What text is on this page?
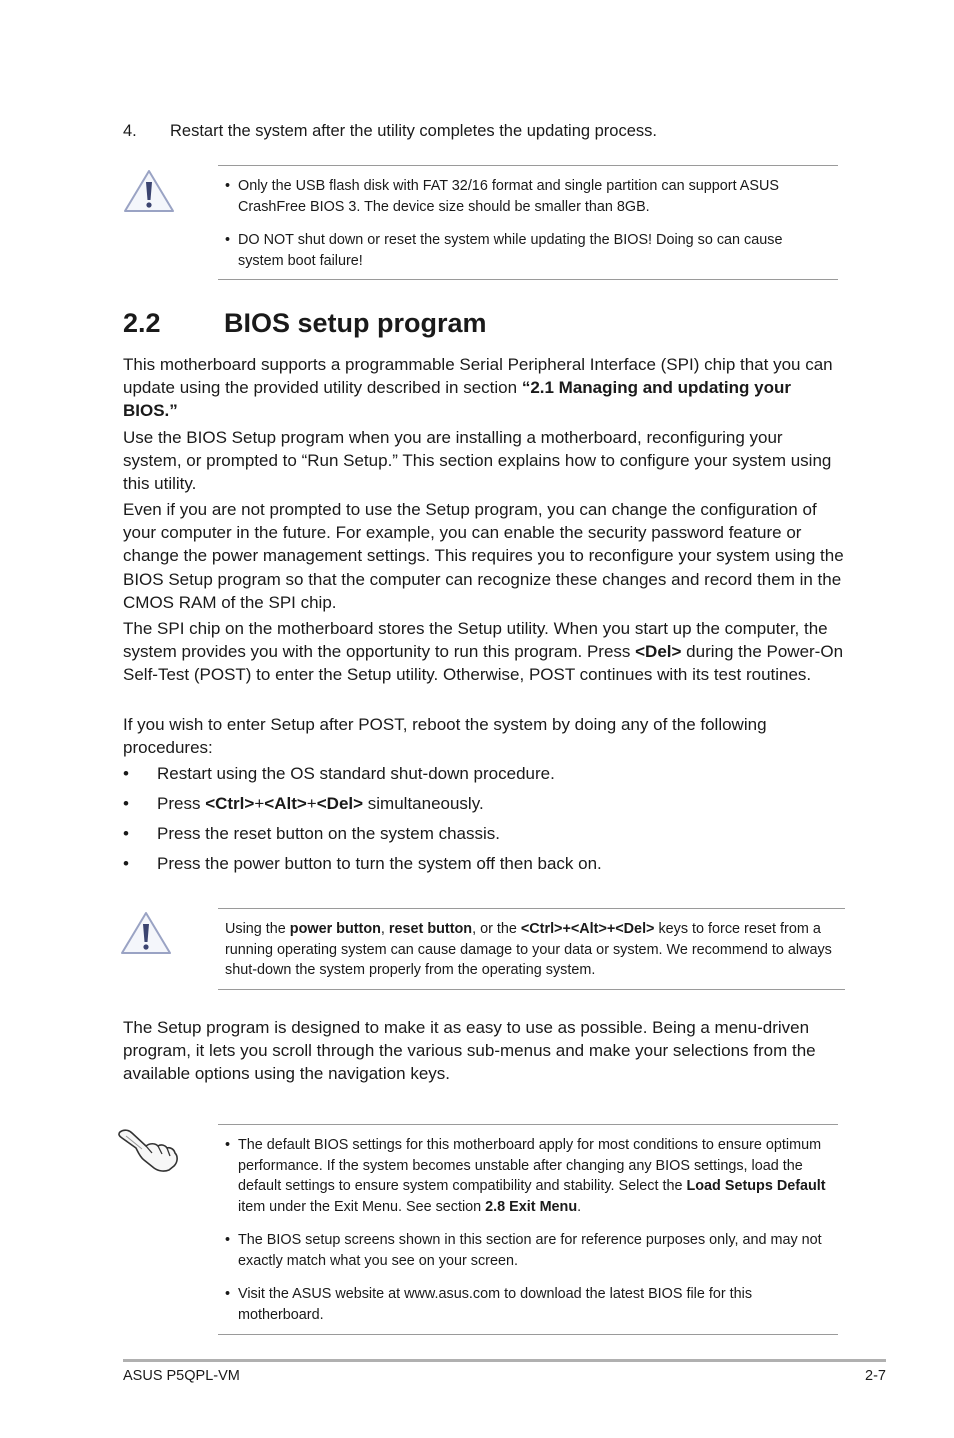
4. Restart the system after the utility completes the updating process.
• Only the USB flash disk with FAT 32/16 format and single partition can support ASUS CrashFree BIOS 3. The device size should be smaller than 8GB.
• DO NOT shut down or reset the system while updating the BIOS! Doing so can cause system boot failure!
2.2 BIOS setup program

This motherboard supports a programmable Serial Peripheral Interface (SPI) chip that you can update using the provided utility described in section “2.1 Managing and updating your BIOS.”

Use the BIOS Setup program when you are installing a motherboard, reconfiguring your system, or prompted to “Run Setup.” This section explains how to configure your system using this utility.

Even if you are not prompted to use the Setup program, you can change the configuration of your computer in the future. For example, you can enable the security password feature or change the power management settings. This requires you to reconfigure your system using the BIOS Setup program so that the computer can recognize these changes and record them in the CMOS RAM of the SPI chip.

The SPI chip on the motherboard stores the Setup utility. When you start up the computer, the system provides you with the opportunity to run this program. Press <Del> during the Power-On Self-Test (POST) to enter the Setup utility. Otherwise, POST continues with its test routines.

If you wish to enter Setup after POST, reboot the system by doing any of the following procedures:

• Restart using the OS standard shut-down procedure.
• Press <Ctrl>+<Alt>+<Del> simultaneously.
• Press the reset button on the system chassis.
• Press the power button to turn the system off then back on.
Using the power button, reset button, or the <Ctrl>+<Alt>+<Del> keys to force reset from a running operating system can cause damage to your data or system. We recommend to always shut-down the system properly from the operating system.

The Setup program is designed to make it as easy to use as possible. Being a menu-driven program, it lets you scroll through the various sub-menus and make your selections from the available options using the navigation keys.

• The default BIOS settings for this motherboard apply for most conditions to ensure optimum performance. If the system becomes unstable after changing any BIOS settings, load the default settings to ensure system compatibility and stability. Select the Load Setups Default item under the Exit Menu. See section 2.8 Exit Menu.
• The BIOS setup screens shown in this section are for reference purposes only, and may not exactly match what you see on your screen.
• Visit the ASUS website at www.asus.com to download the latest BIOS file for this motherboard.
ASUS P5QPL-VM	2-7
